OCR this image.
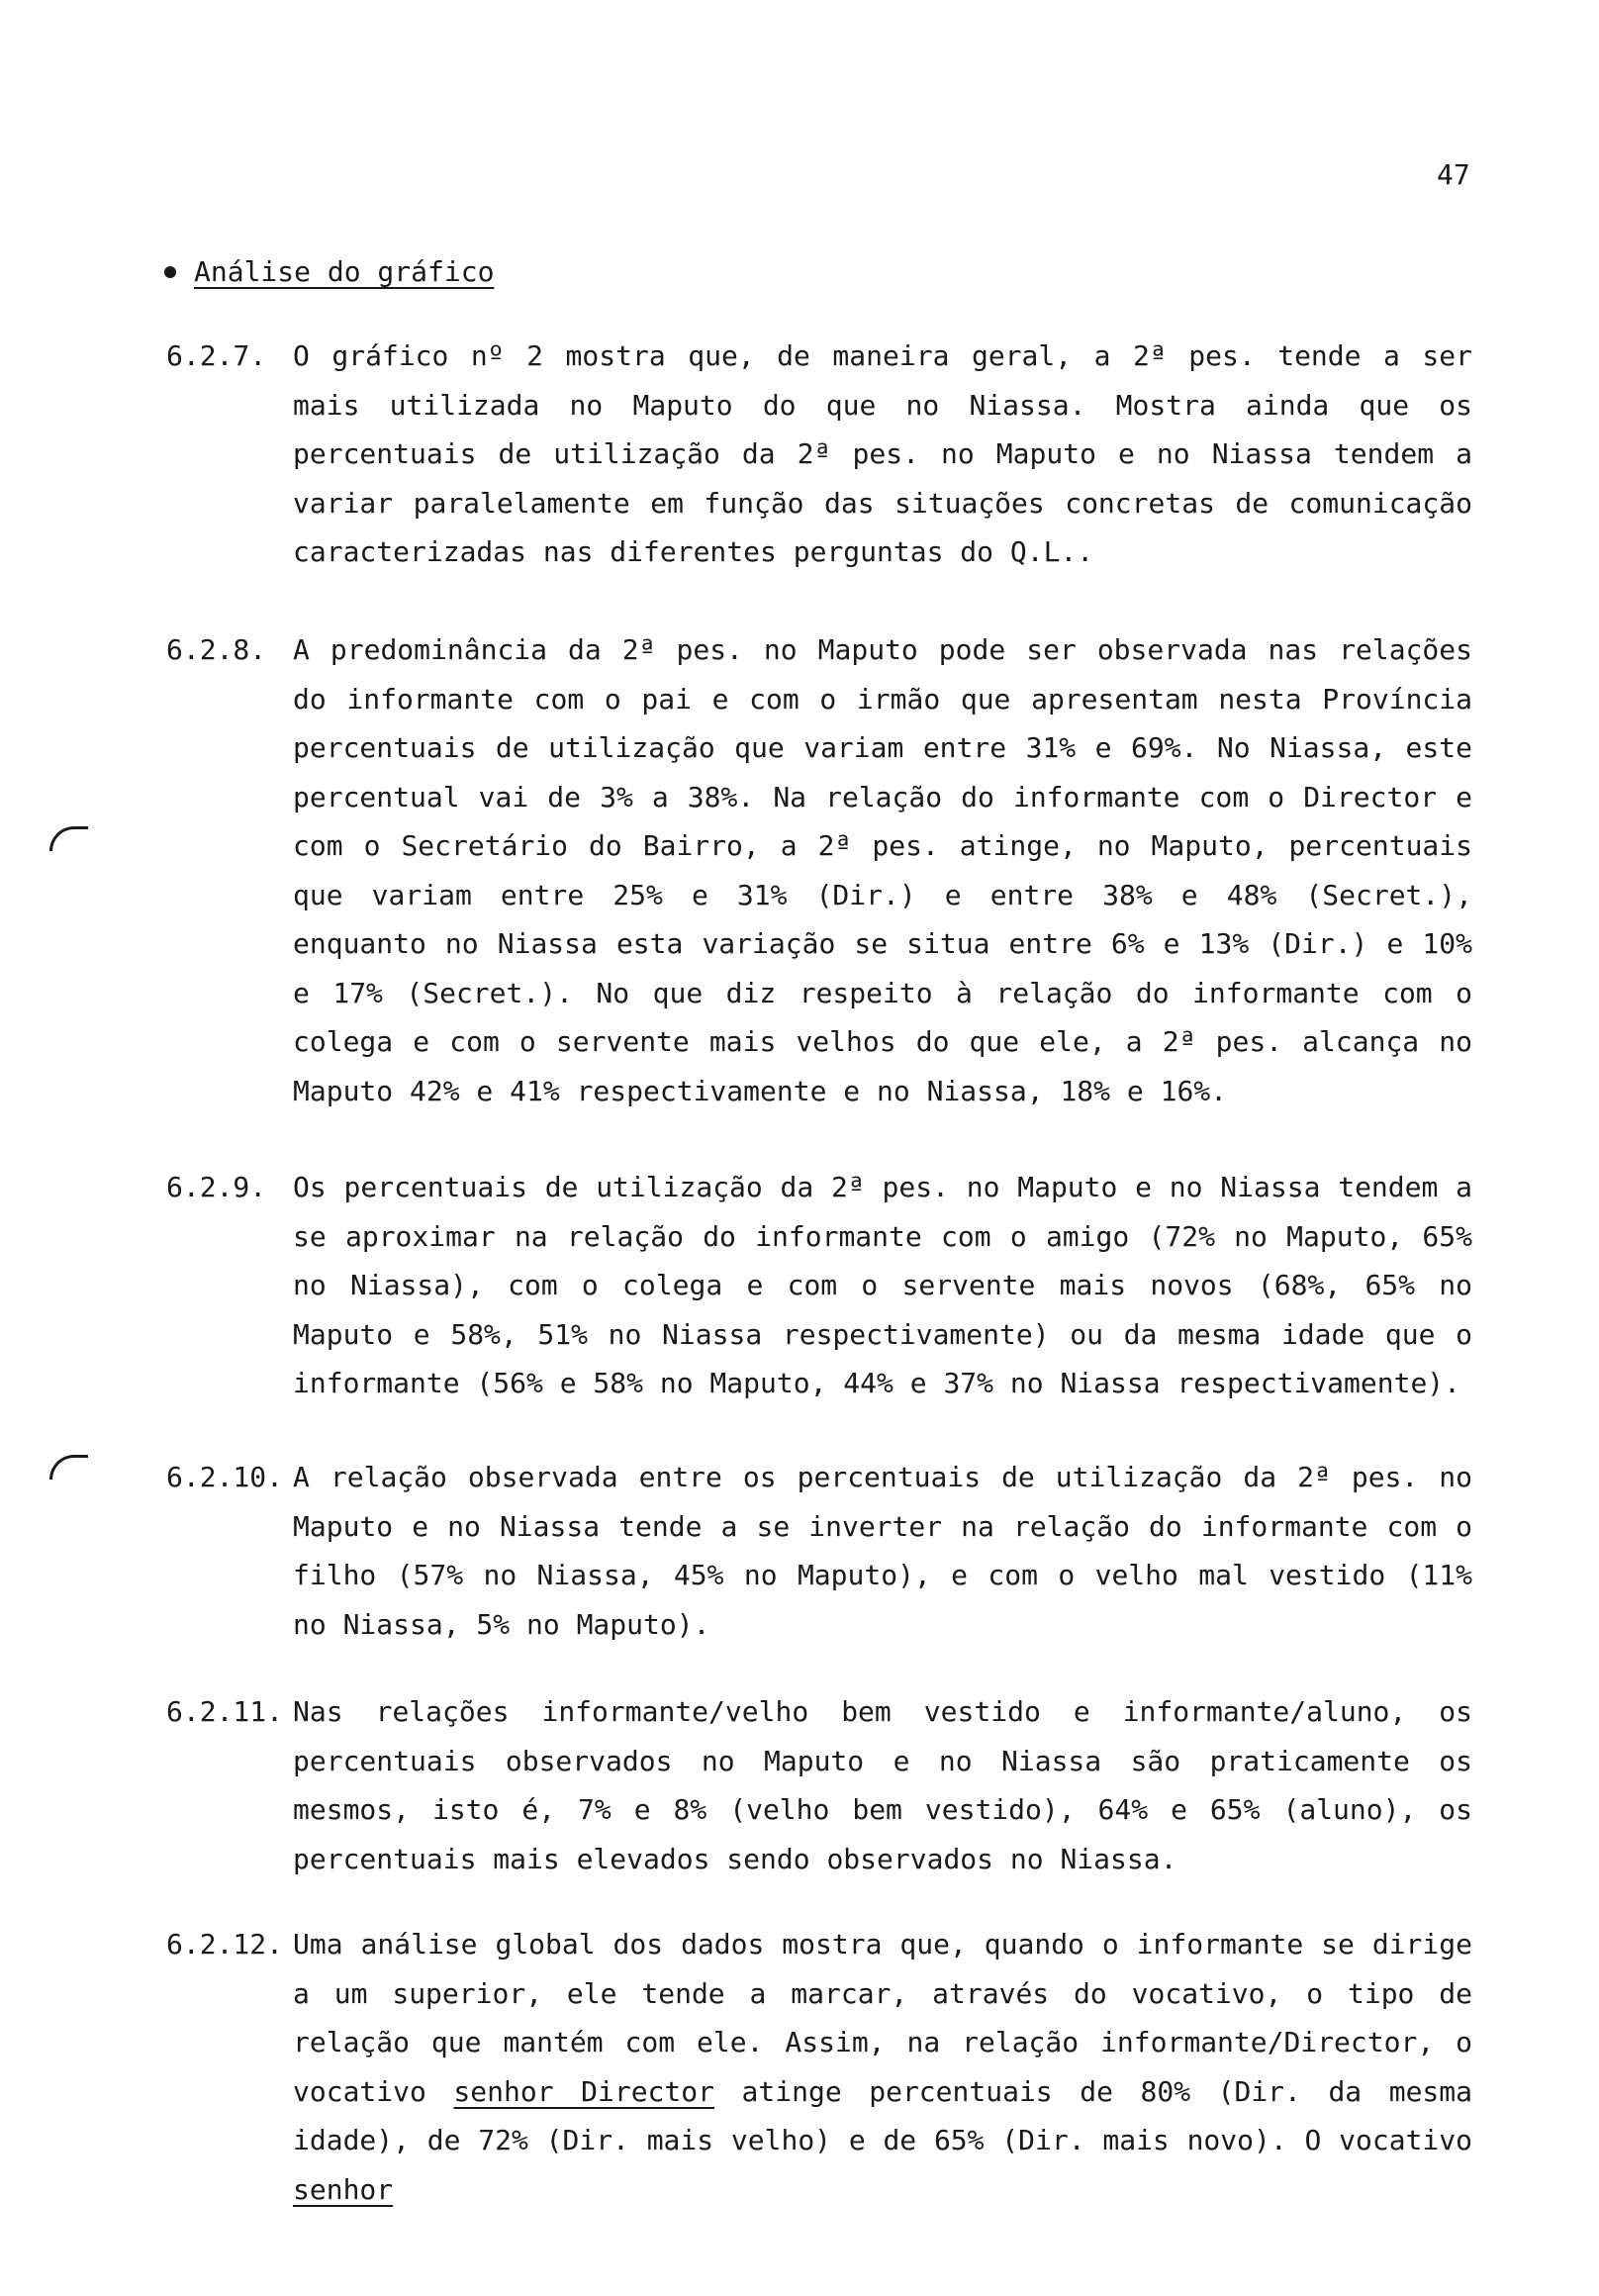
47
Análise do gráfico
6.2.7. O gráfico nº 2 mostra que, de maneira geral, a 2ª pes. tende a ser mais utilizada no Maputo do que no Niassa. Mostra ainda que os percentuais de utilização da 2ª pes. no Maputo e no Niassa tendem a variar paralelamente em função das situações concretas de comunicação caracterizadas nas diferentes perguntas do Q.L..
6.2.8. A predominância da 2ª pes. no Maputo pode ser observada nas relações do informante com o pai e com o irmão que apresentam nesta Província percentuais de utilização que variam entre 31% e 69%. No Niassa, este percentual vai de 3% a 38%. Na relação do informante com o Director e com o Secretário do Bairro, a 2ª pes. atinge, no Maputo, percentuais que variam entre 25% e 31% (Dir.) e entre 38% e 48% (Secret.), enquanto no Niassa esta variação se situa entre 6% e 13% (Dir.) e 10% e 17% (Secret.). No que diz respeito à relação do informante com o colega e com o servente mais velhos do que ele, a 2ª pes. alcança no Maputo 42% e 41% respectivamente e no Niassa, 18% e 16%.
6.2.9. Os percentuais de utilização da 2ª pes. no Maputo e no Niassa tendem a se aproximar na relação do informante com o amigo (72% no Maputo, 65% no Niassa), com o colega e com o servente mais novos (68%, 65% no Maputo e 58%, 51% no Niassa respectivamente) ou da mesma idade que o informante (56% e 58% no Maputo, 44% e 37% no Niassa respectivamente).
6.2.10. A relação observada entre os percentuais de utilização da 2ª pes. no Maputo e no Niassa tende a se inverter na relação do informante com o filho (57% no Niassa, 45% no Maputo), e com o velho mal vestido (11% no Niassa, 5% no Maputo).
6.2.11. Nas relações informante/velho bem vestido e informante/aluno, os percentuais observados no Maputo e no Niassa são praticamente os mesmos, isto é, 7% e 8% (velho bem vestido), 64% e 65% (aluno), os percentuais mais elevados sendo observados no Niassa.
6.2.12. Uma análise global dos dados mostra que, quando o informante se dirige a um superior, ele tende a marcar, através do vocativo, o tipo de relação que mantém com ele. Assim, na relação informante/Director, o vocativo senhor Director atinge percentuais de 80% (Dir. da mesma idade), de 72% (Dir. mais velho) e de 65% (Dir. mais novo). O vocativo senhor
